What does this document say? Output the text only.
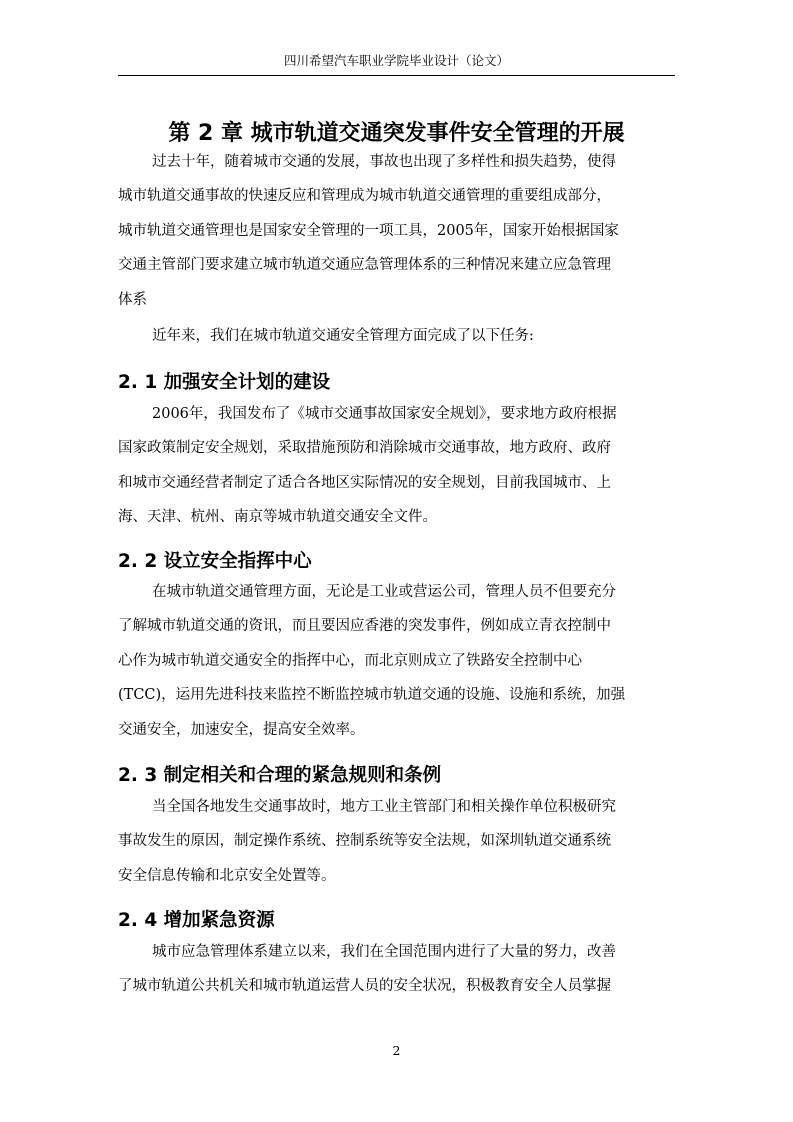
四川希望汽车职业学院毕业设计（论文）
第 2 章 城市轨道交通突发事件安全管理的开展
过去十年，随着城市交通的发展，事故也出现了多样性和损失趋势，使得
城市轨道交通事故的快速反应和管理成为城市轨道交通管理的重要组成部分，
城市轨道交通管理也是国家安全管理的一项工具，2005年，国家开始根据国家
交通主管部门要求建立城市轨道交通应急管理体系的三种情况来建立应急管理
体系
近年来，我们在城市轨道交通安全管理方面完成了以下任务:
2. 1 加强安全计划的建设
2006年，我国发布了《城市交通事故国家安全规划》，要求地方政府根据
国家政策制定安全规划，采取措施预防和消除城市交通事故，地方政府、政府
和城市交通经营者制定了适合各地区实际情况的安全规划，目前我国城市、上
海、天津、杭州、南京等城市轨道交通安全文件。
2. 2 设立安全指挥中心
在城市轨道交通管理方面，无论是工业或营运公司，管理人员不但要充分
了解城市轨道交通的资讯，而且要因应香港的突发事件，例如成立青衣控制中
心作为城市轨道交通安全的指挥中心，而北京则成立了铁路安全控制中心
(TCC)，运用先进科技来监控不断监控城市轨道交通的设施、设施和系统，加强
交通安全，加速安全，提高安全效率。
2. 3 制定相关和合理的紧急规则和条例
当全国各地发生交通事故时，地方工业主管部门和相关操作单位积极研究
事故发生的原因，制定操作系统、控制系统等安全法规，如深圳轨道交通系统
安全信息传输和北京安全处置等。
2. 4 增加紧急资源
城市应急管理体系建立以来，我们在全国范围内进行了大量的努力，改善
了城市轨道公共机关和城市轨道运营人员的安全状况，积极教育安全人员掌握
2
